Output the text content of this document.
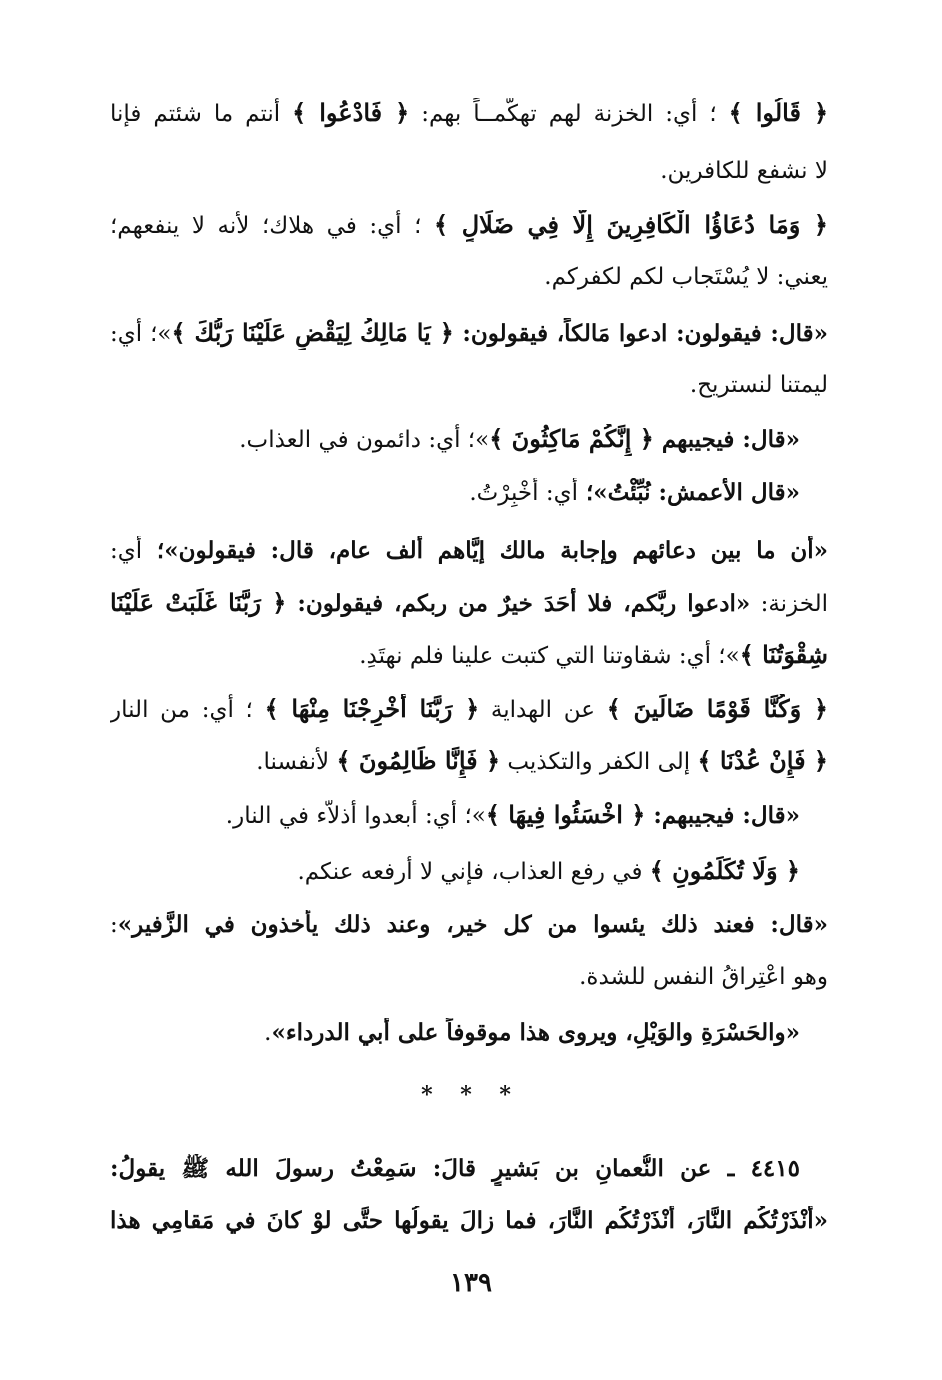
﴿ قَالُوا ﴾ ؛ أي: الخزنة لهم تهكُّمــاً بهم: ﴿ فَادْعُوا ﴾ أنتم ما شئتم فإنا
لا نشفع للكافرين.
﴿ وَمَا دُعَاؤُا الْكَافِرِينَ إِلَّا فِي ضَلَالٍ ﴾ ؛ أي: في هلاك؛ لأنه لا ينفعهم؛
يعني: لا يُسْتَجاب لكم لكفركم.
«قال: فيقولون: ادعوا مَالكاً، فيقولون: ﴿ يَا مَالِكُ لِيَقْضِ عَلَيْنَا رَبُّكَ ﴾»؛ أي:
ليمتنا لنستريح.
«قال: فيجيبهم ﴿ إِنَّكُمْ مَاكِثُونَ ﴾»؛ أي: دائمون في العذاب.
«قال الأعمش: نُبِّئْتُ»؛ أي: أُخْبِرْتُ.
«أن ما بين دعائهم وإجابة مالك إيَّاهم ألف عام، قال: فيقولون»؛ أي:
الخزنة: «ادعوا ربَّكم، فلا أَحَدَ خيرٌ من ربكم، فيقولون: ﴿ رَبَّنَا غَلَبَتْ عَلَيْنَا
شِقْوَتُنَا ﴾»؛ أي: شقاوتنا التي كتبت علينا فلم نهتَدِ.
﴿ وَكُنَّا قَوْمًا ضَالِّينَ ﴾ عن الهداية ﴿ رَبَّنَا أَخْرِجْنَا مِنْهَا ﴾ ؛ أي: من النار
﴿ فَإِنْ عُدْنَا ﴾ إلى الكفر والتكذيب ﴿ فَإِنَّا ظَالِمُونَ ﴾ لأنفسنا.
«قال: فيجيبهم: ﴿ اخْسَئُوا فِيهَا ﴾»؛ أي: أبعدوا أذلاَّء في النار.
﴿ وَلَا تُكَلِّمُونِ ﴾ في رفع العذاب، فإني لا أرفعه عنكم.
«قال: فعند ذلك يئسوا من كل خير، وعند ذلك يأخذون في الزَّفير»:
وهو اعْتِراقُ النفس للشدة.
«والحَسْرَةِ والوَيْلِ، ويروى هذا موقوفاً على أبي الدرداء».
* * *
٤٤١٥ ـ عن النُّعمانِ بن بَشيرٍ قالَ: سَمِعْتُ رسولَ الله ﷺ يقولُ:
«أَنْذَرْتُكُم النَّارَ، أَنْذَرْتُكُم النَّارَ، فما زالَ يقولُها حتَّى لوْ كانَ في مَقامِي هذا
١٣٩
